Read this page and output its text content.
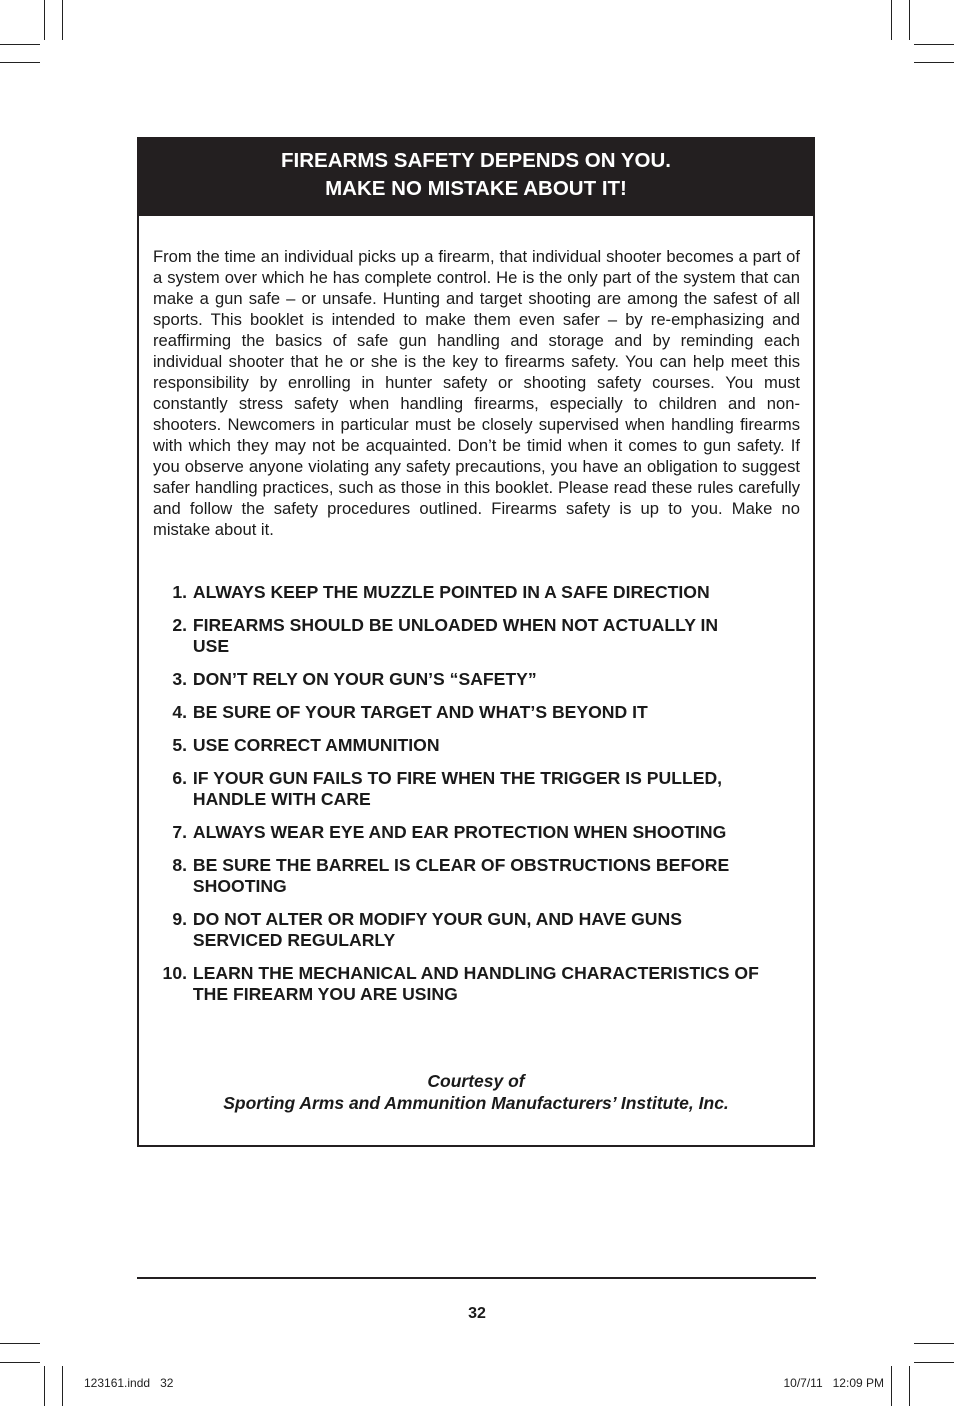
FIREARMS SAFETY DEPENDS ON YOU.
MAKE NO MISTAKE ABOUT IT!

From the time an individual picks up a firearm, that individual shooter becomes a part of a system over which he has complete control. He is the only part of the system that can make a gun safe – or unsafe. Hunting and target shooting are among the safest of all sports. This booklet is intended to make them even safer – by re-emphasizing and reaffirming the basics of safe gun handling and storage and by reminding each individual shooter that he or she is the key to firearms safety. You can help meet this responsibility by enrolling in hunter safety or shooting safety courses. You must constantly stress safety when handling firearms, especially to children and non-shooters. Newcomers in particular must be closely supervised when handling firearms with which they may not be acquainted. Don’t be timid when it comes to gun safety. If you observe anyone violating any safety precautions, you have an obligation to suggest safer handling practices, such as those in this booklet. Please read these rules carefully and follow the safety procedures outlined. Firearms safety is up to you. Make no mistake about it.

1.
ALWAYS KEEP THE MUZZLE POINTED IN A SAFE DIRECTION
2.
FIREARMS SHOULD BE UNLOADED WHEN NOT ACTUALLY IN USE
3.
DON’T RELY ON YOUR GUN’S “SAFETY”
4.
BE SURE OF YOUR TARGET AND WHAT’S BEYOND IT
5.
USE CORRECT AMMUNITION
6.
IF YOUR GUN FAILS TO FIRE WHEN THE TRIGGER IS PULLED, HANDLE WITH CARE
7.
ALWAYS WEAR EYE AND EAR PROTECTION WHEN SHOOTING
8.
BE SURE THE BARREL IS CLEAR OF OBSTRUCTIONS BEFORE SHOOTING
9.
DO NOT ALTER OR MODIFY YOUR GUN, AND HAVE GUNS SERVICED REGULARLY
10.
LEARN THE MECHANICAL AND HANDLING CHARACTERISTICS OF THE FIREARM YOU ARE USING
Courtesy of
Sporting Arms and Ammunition Manufacturers’ Institute, Inc.
32
123161.indd   32	10/7/11   12:09 PM
